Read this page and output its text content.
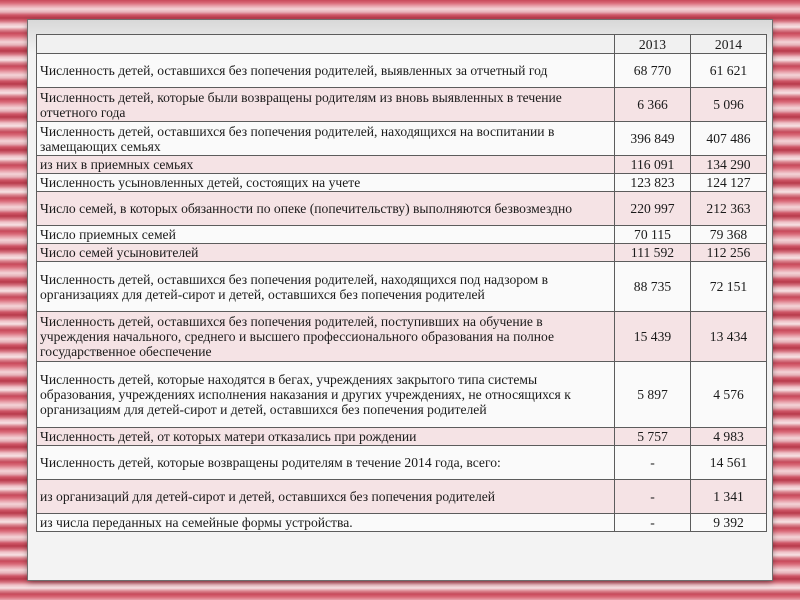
	2013	2014
Численность детей, оставшихся без попечения родителей, выявленных за отчетный год	68 770	61 621
Численность детей, которые были возвращены родителям из вновь выявленных в течение отчетного года	6 366	5 096
Численность детей, оставшихся без попечения родителей, находящихся на воспитании в замещающих семьях	396 849	407 486
из них в приемных семьях	116 091	134 290
Численность усыновленных детей, состоящих на учете	123 823	124 127
Число семей, в которых обязанности по опеке (попечительству) выполняются безвозмездно	220 997	212 363
Число приемных семей	70 115	79 368
Число семей усыновителей	111 592	112 256
Численность детей, оставшихся без попечения родителей, находящихся под надзором в организациях для детей-сирот и детей, оставшихся без попечения родителей	88 735	72 151
Численность детей, оставшихся без попечения родителей, поступивших на обучение в учреждения начального, среднего и высшего профессионального образования на полное государственное обеспечение	15 439	13 434
Численность детей, которые находятся в бегах, учреждениях закрытого типа системы образования, учреждениях исполнения наказания и других учреждениях, не относящихся к организациям для детей-сирот и детей, оставшихся без попечения родителей	5 897	4 576
Численность детей, от которых матери отказались при рождении	5 757	4 983
Численность детей, которые возвращены родителям в течение 2014 года, всего:	-	14 561
из организаций для детей-сирот и детей, оставшихся без попечения родителей	-	1 341
из числа переданных на семейные формы устройства.	-	9 392
